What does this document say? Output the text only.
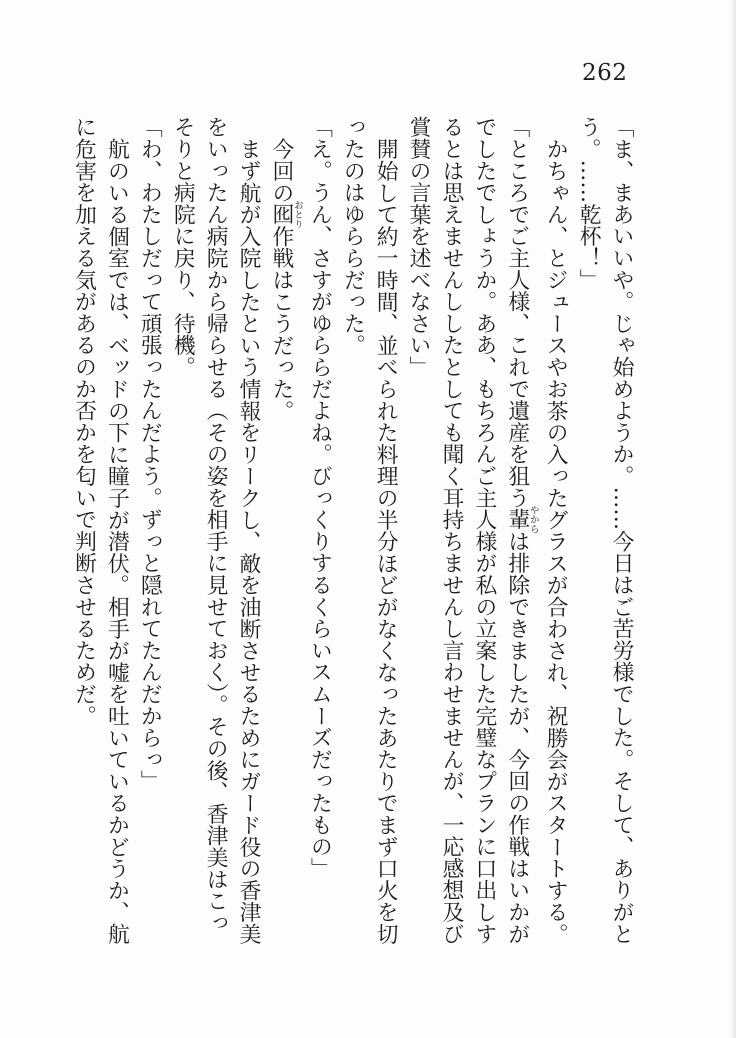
262

「ま、まあいいや。じゃ始めようか。……今日はご苦労様でした。そして、ありがと

う。……乾杯！」

かちゃん、とジュースやお茶の入ったグラスが合わされ、祝勝会がスタートする。

「ところでご主人様、これで遺産を狙う輩やからは排除できましたが、今回の作戦はいかが

でしたでしょうか。ああ、もちろんご主人様が私の立案した完璧なプランに口出しす

るとは思えませんししたとしても聞く耳持ちませんし言わせませんが、一応感想及び

賞賛の言葉を述べなさい」

開始して約一時間、並べられた料理の半分ほどがなくなったあたりでまず口火を切

ったのはゆららだった。

「え。うん、さすがゆららだよね。びっくりするくらいスムーズだったもの」

今回の囮おとり作戦はこうだった。

まず航が入院したという情報をリークし、敵を油断させるためにガード役の香津美

をいったん病院から帰らせる（その姿を相手に見せておく）。その後、香津美はこっ

そりと病院に戻り、待機。

「わ、わたしだって頑張ったんだよう。ずっと隠れてたんだからっ」

航のいる個室では、ベッドの下に瞳子が潜伏。相手が嘘を吐いているかどうか、航

に危害を加える気があるのか否かを匂いで判断させるためだ。
